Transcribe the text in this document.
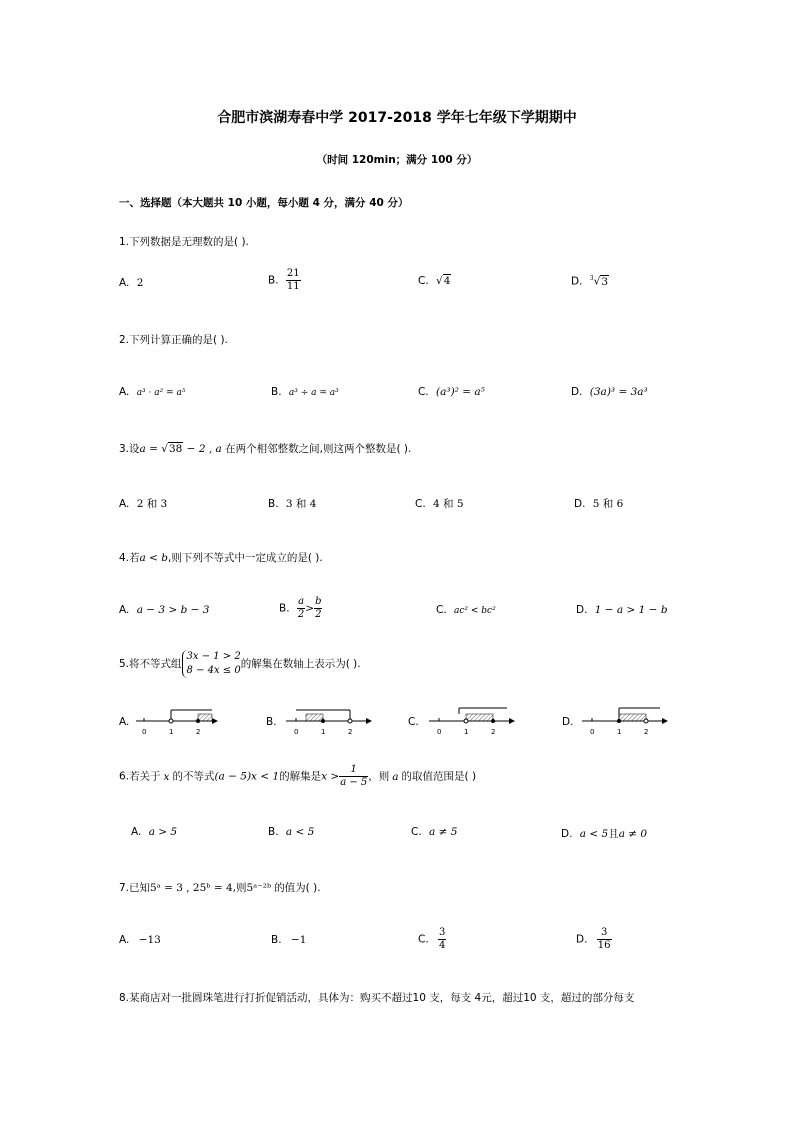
合肥市滨湖寿春中学 2017-2018 学年七年级下学期期中
（时间 120min；满分 100 分）
一、选择题（本大题共 10 小题，每小题 4 分，满分 40 分）
1.下列数据是无理数的是( ).
A. 2	B. $\frac{21}{11}$	C. √4	D. $^3$√3
2.下列计算正确的是( ).
A. a³ · a² = a⁵	B. a³ ÷ a = a³	C. (a³)² = a⁵	D. (3a)³ = 3a³
3.设a = √38 − 2 , a 在两个相邻整数之间,则这两个整数是( ).
A. 2 和 3	B. 3 和 4	C. 4 和 5	D. 5 和 6
4.若a < b,则下列不等式中一定成立的是( ).
A. a − 3 > b − 3	B. $\frac{a}{2} > \frac{b}{2}$	C. ac² < bc²	D. 1 − a > 1 − b
5.将不等式组
3x − 1 > 2
8 − 4x ≤ 0
的解集在数轴上表示为( ).
A.
0	1	2
B.
0	1	2
C.
0	1	2
D.
0	1	2
6.若关于 x 的不等式(a − 5)x < 1的解集是$x > \frac{1}{a - 5}$ ，则 a 的取值范围是( )
A. a > 5	B. a < 5	C. a ≠ 5	D. a < 5且a ≠ 0
7.已知5ᵃ = 3 , 25ᵇ = 4,则5ᵃ⁻²ᵇ 的值为( ).
A. −13	B. −1	C. $\frac{3}{4}$	D. $\frac{3}{16}$
8.某商店对一批圆珠笔进行打折促销活动，具体为：购买不超过10 支，每支 4元，超过10 支，超过的部分每支
